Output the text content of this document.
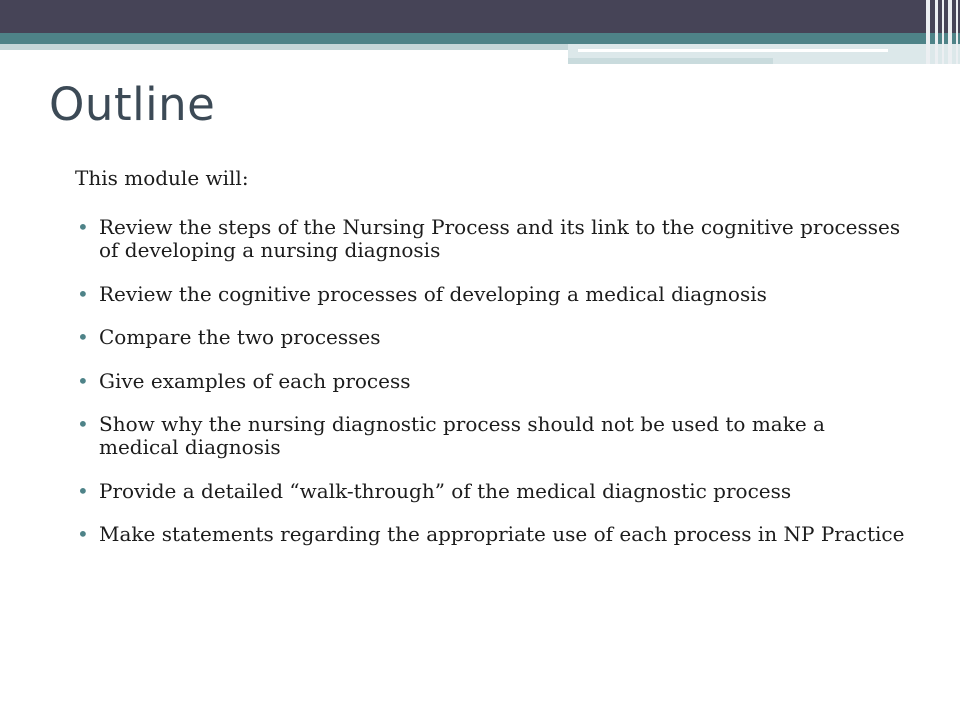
Outline

This module will:

• Review the steps of the Nursing Process and its link to the cognitive processes of developing a nursing diagnosis
• Review the cognitive processes of developing a medical diagnosis
• Compare the two processes
• Give examples of each process
• Show why the nursing diagnostic process should not be used to make a medical diagnosis
• Provide a detailed “walk-through” of the medical diagnostic process
• Make statements regarding the appropriate use of each process in NP Practice
